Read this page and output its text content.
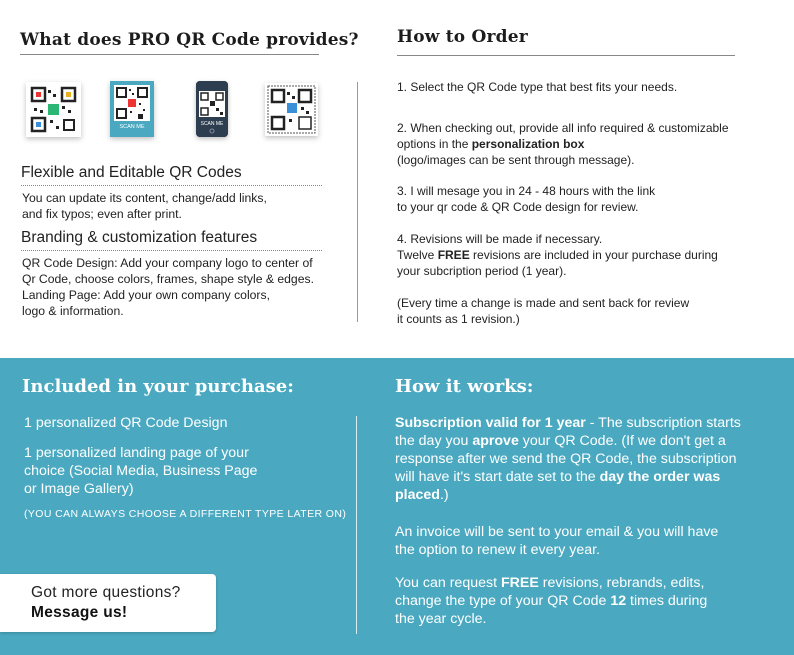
What does PRO QR Code provides?
SCAN ME	SCAN ME
Flexible and Editable QR Codes
You can update its content, change/add links,
and fix typos; even after print.
Branding & customization features
QR Code Design: Add your company logo to center of
Qr Code, choose colors, frames, shape style & edges.
Landing Page: Add your own company colors,
logo & information.
How to Order
1. Select the QR Code type that best fits your needs.
2. When checking out, provide all info required & customizable
options in the personalization box
(logo/images can be sent through message).
3. I will mesage you in 24 - 48 hours with the link
to your qr code & QR Code design for review.
4. Revisions will be made if necessary.
Twelve FREE revisions are included in your purchase during
your subcription period (1 year).
(Every time a change is made and sent back for review
it counts as 1 revision.)
Included in your purchase:
1 personalized QR Code Design
1 personalized landing page of your
choice (Social Media, Business Page
or Image Gallery)
(YOU CAN ALWAYS CHOOSE A DIFFERENT TYPE LATER ON)
How it works:
Subscription valid for 1 year - The subscription starts
the day you aprove your QR Code. (If we don't get a
response after we send the QR Code, the subscription
will have it's start date set to the day the order was
placed.)
An invoice will be sent to your email & you will have
the option to renew it every year.
You can request FREE revisions, rebrands, edits,
change the type of your QR Code 12 times during
the year cycle.
Got more questions?
Message us!
